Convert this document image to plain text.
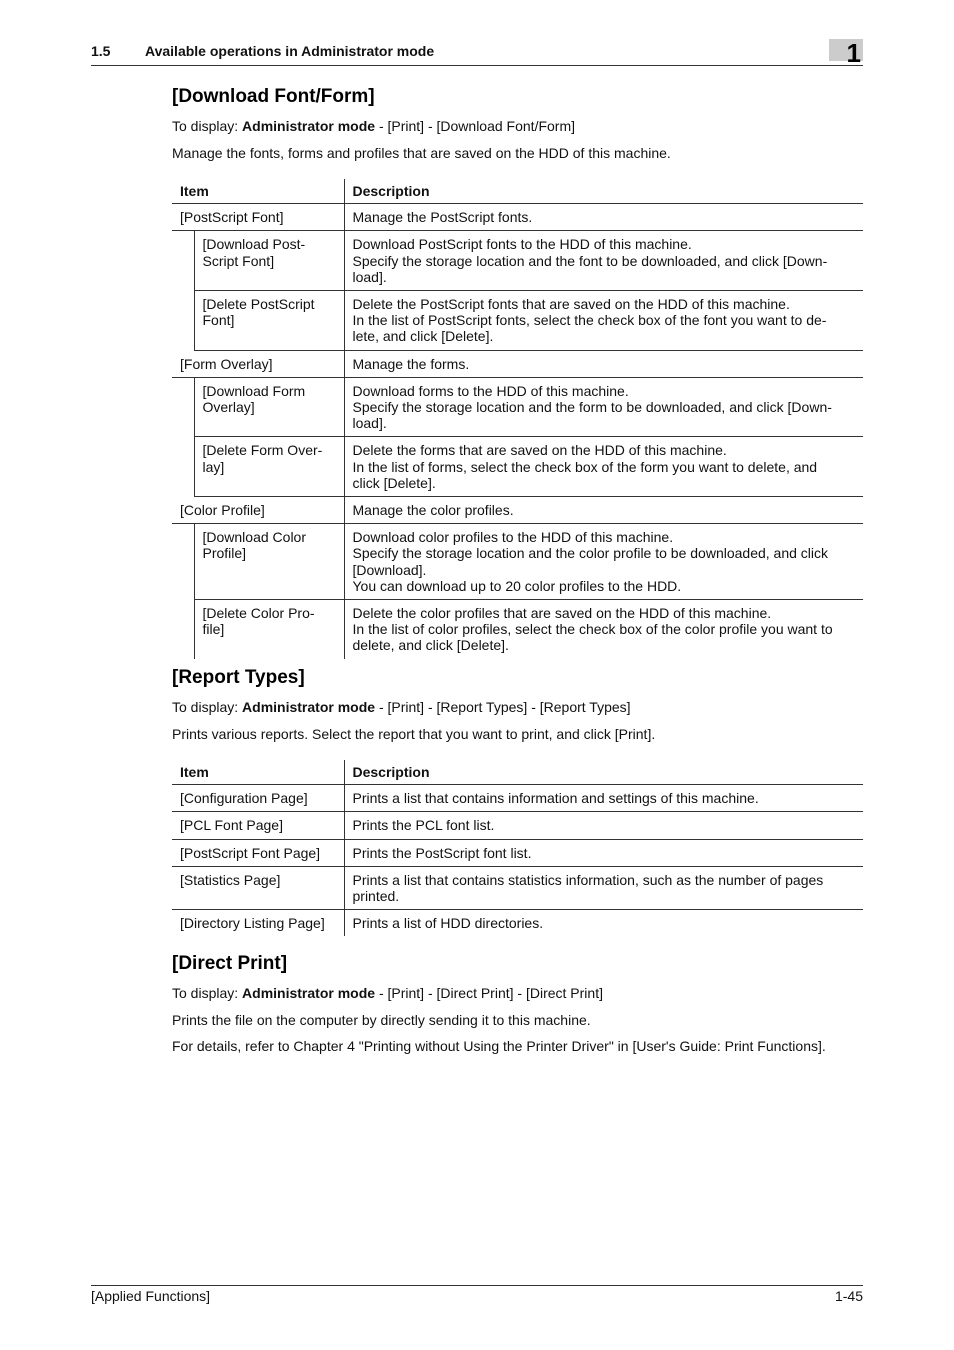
1.5 Available operations in Administrator mode	1
[Download Font/Form]
To display: Administrator mode - [Print] - [Download Font/Form]
Manage the fonts, forms and profiles that are saved on the HDD of this machine.
Item		Description
[PostScript Font]		Manage the PostScript fonts.
	[Download Post-
Script Font]	Download PostScript fonts to the HDD of this machine.
Specify the storage location and the font to be downloaded, and click [Down-
load].
	[Delete PostScript
Font]	Delete the PostScript fonts that are saved on the HDD of this machine.
In the list of PostScript fonts, select the check box of the font you want to de-
lete, and click [Delete].
[Form Overlay]		Manage the forms.
	[Download Form
Overlay]	Download forms to the HDD of this machine.
Specify the storage location and the form to be downloaded, and click [Down-
load].
	[Delete Form Over-
lay]	Delete the forms that are saved on the HDD of this machine.
In the list of forms, select the check box of the form you want to delete, and
click [Delete].
[Color Profile]		Manage the color profiles.
	[Download Color
Profile]	Download color profiles to the HDD of this machine.
Specify the storage location and the color profile to be downloaded, and click
[Download].
You can download up to 20 color profiles to the HDD.
	[Delete Color Pro-
file]	Delete the color profiles that are saved on the HDD of this machine.
In the list of color profiles, select the check box of the color profile you want to
delete, and click [Delete].
[Report Types]
To display: Administrator mode - [Print] - [Report Types] - [Report Types]
Prints various reports. Select the report that you want to print, and click [Print].
Item	Description
[Configuration Page]	Prints a list that contains information and settings of this machine.
[PCL Font Page]	Prints the PCL font list.
[PostScript Font Page]	Prints the PostScript font list.
[Statistics Page]	Prints a list that contains statistics information, such as the number of pages
printed.
[Directory Listing Page]	Prints a list of HDD directories.
[Direct Print]
To display: Administrator mode - [Print] - [Direct Print] - [Direct Print]
Prints the file on the computer by directly sending it to this machine.
For details, refer to Chapter 4 "Printing without Using the Printer Driver" in [User's Guide: Print Functions].
[Applied Functions]	1-45
